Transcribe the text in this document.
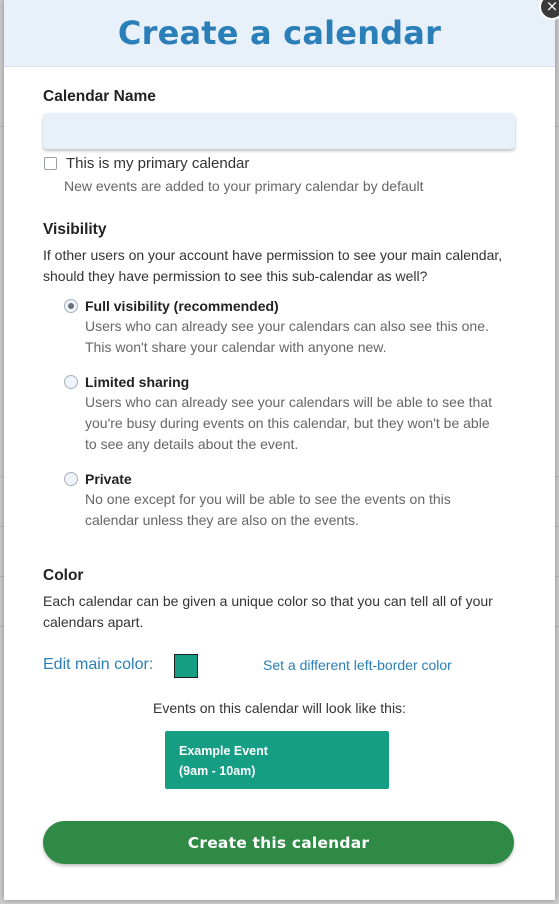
Create a calendar
×
Calendar Name
This is my primary calendar
New events are added to your primary calendar by default
Visibility
If other users on your account have permission to see your main calendar, should they have permission to see this sub-calendar as well?
Full visibility (recommended)
Users who can already see your calendars can also see this one. This won't share your calendar with anyone new.
Limited sharing
Users who can already see your calendars will be able to see that you're busy during events on this calendar, but they won't be able to see any details about the event.
Private
No one except for you will be able to see the events on this calendar unless they are also on the events.
Color
Each calendar can be given a unique color so that you can tell all of your calendars apart.
Edit main color:	Set a different left-border color
Events on this calendar will look like this:
Example Event
(9am - 10am)
Create this calendar
